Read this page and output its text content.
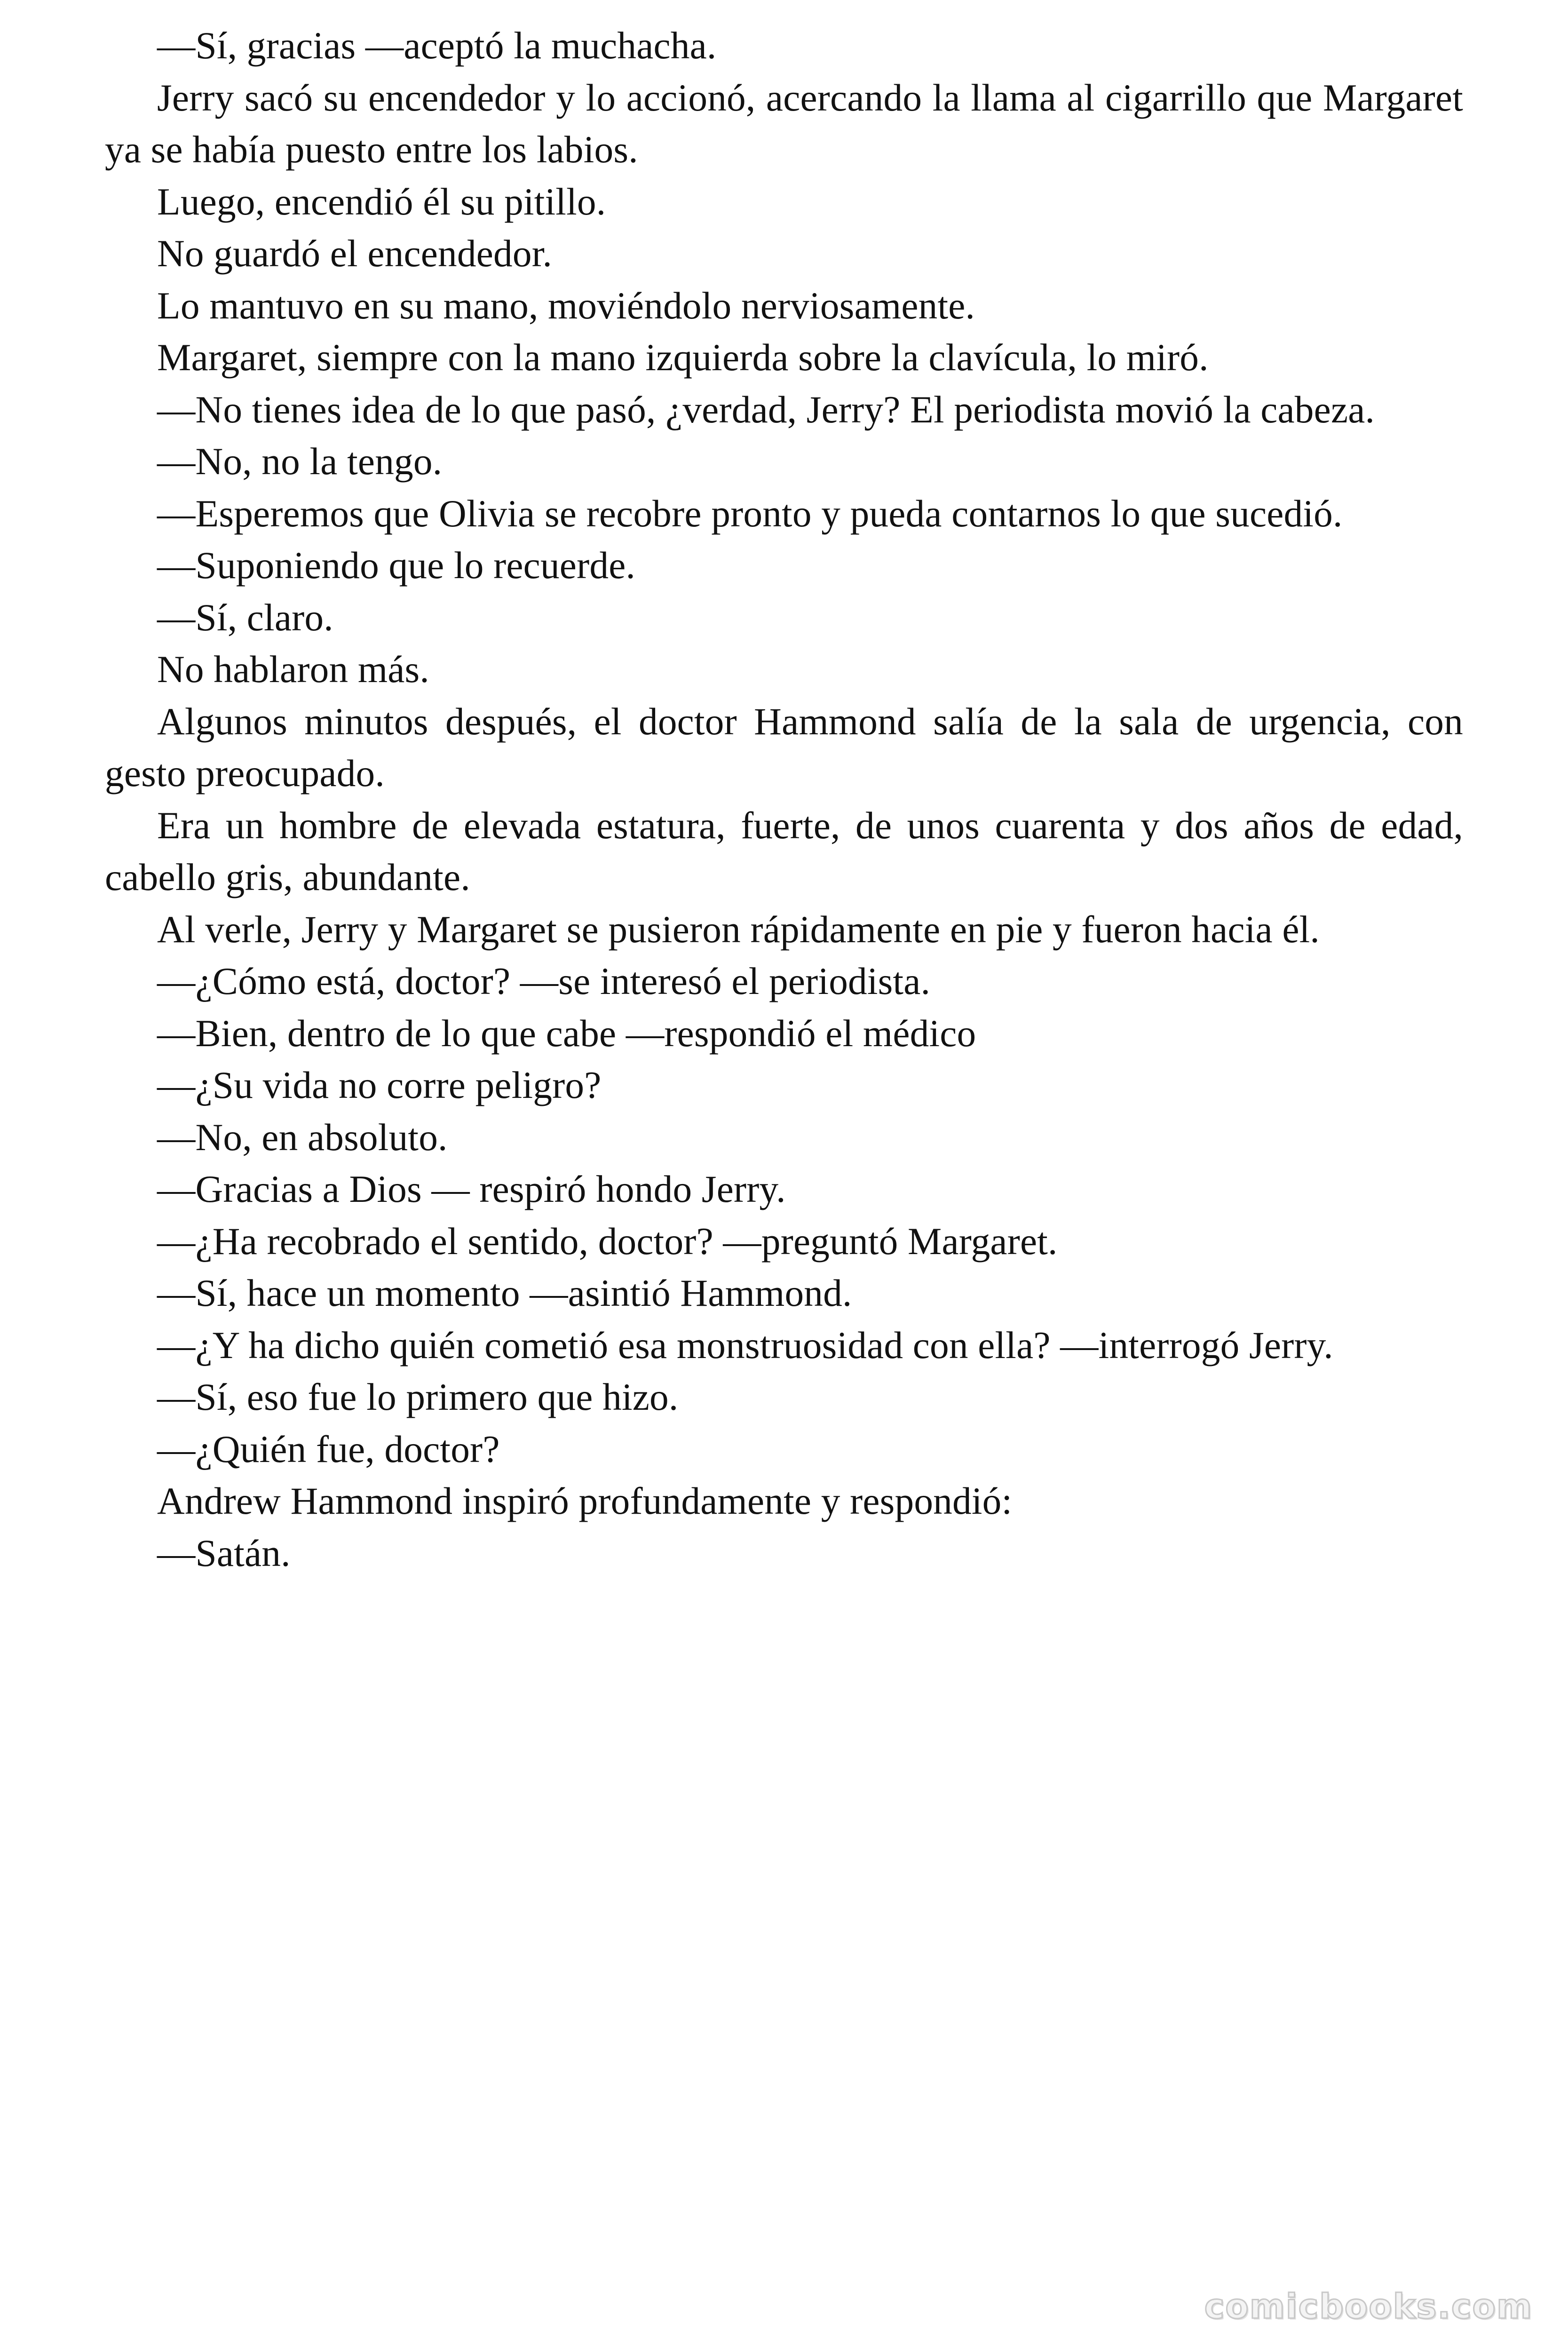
—Sí, gracias —aceptó la muchacha.

Jerry sacó su encendedor y lo accionó, acercando la llama al cigarrillo que Margaret ya se había puesto entre los labios.

Luego, encendió él su pitillo.

No guardó el encendedor.

Lo mantuvo en su mano, moviéndolo nerviosamente.

Margaret, siempre con la mano izquierda sobre la clavícula, lo miró.

—No tienes idea de lo que pasó, ¿verdad, Jerry? El periodista movió la cabeza.

—No, no la tengo.

—Esperemos que Olivia se recobre pronto y pueda contarnos lo que sucedió.

—Suponiendo que lo recuerde.

—Sí, claro.

No hablaron más.

Algunos minutos después, el doctor Hammond salía de la sala de urgencia, con gesto preocupado.

Era un hombre de elevada estatura, fuerte, de unos cuarenta y dos años de edad, cabello gris, abundante.

Al verle, Jerry y Margaret se pusieron rápidamente en pie y fueron hacia él.

—¿Cómo está, doctor? —se interesó el periodista.

—Bien, dentro de lo que cabe —respondió el médico

—¿Su vida no corre peligro?

—No, en absoluto.

—Gracias a Dios — respiró hondo Jerry.

—¿Ha recobrado el sentido, doctor? —preguntó Margaret.

—Sí, hace un momento —asintió Hammond.

—¿Y ha dicho quién cometió esa monstruosidad con ella? —interrogó Jerry.

—Sí, eso fue lo primero que hizo.

—¿Quién fue, doctor?

Andrew Hammond inspiró profundamente y respondió:

—Satán.

comicbooks.com
